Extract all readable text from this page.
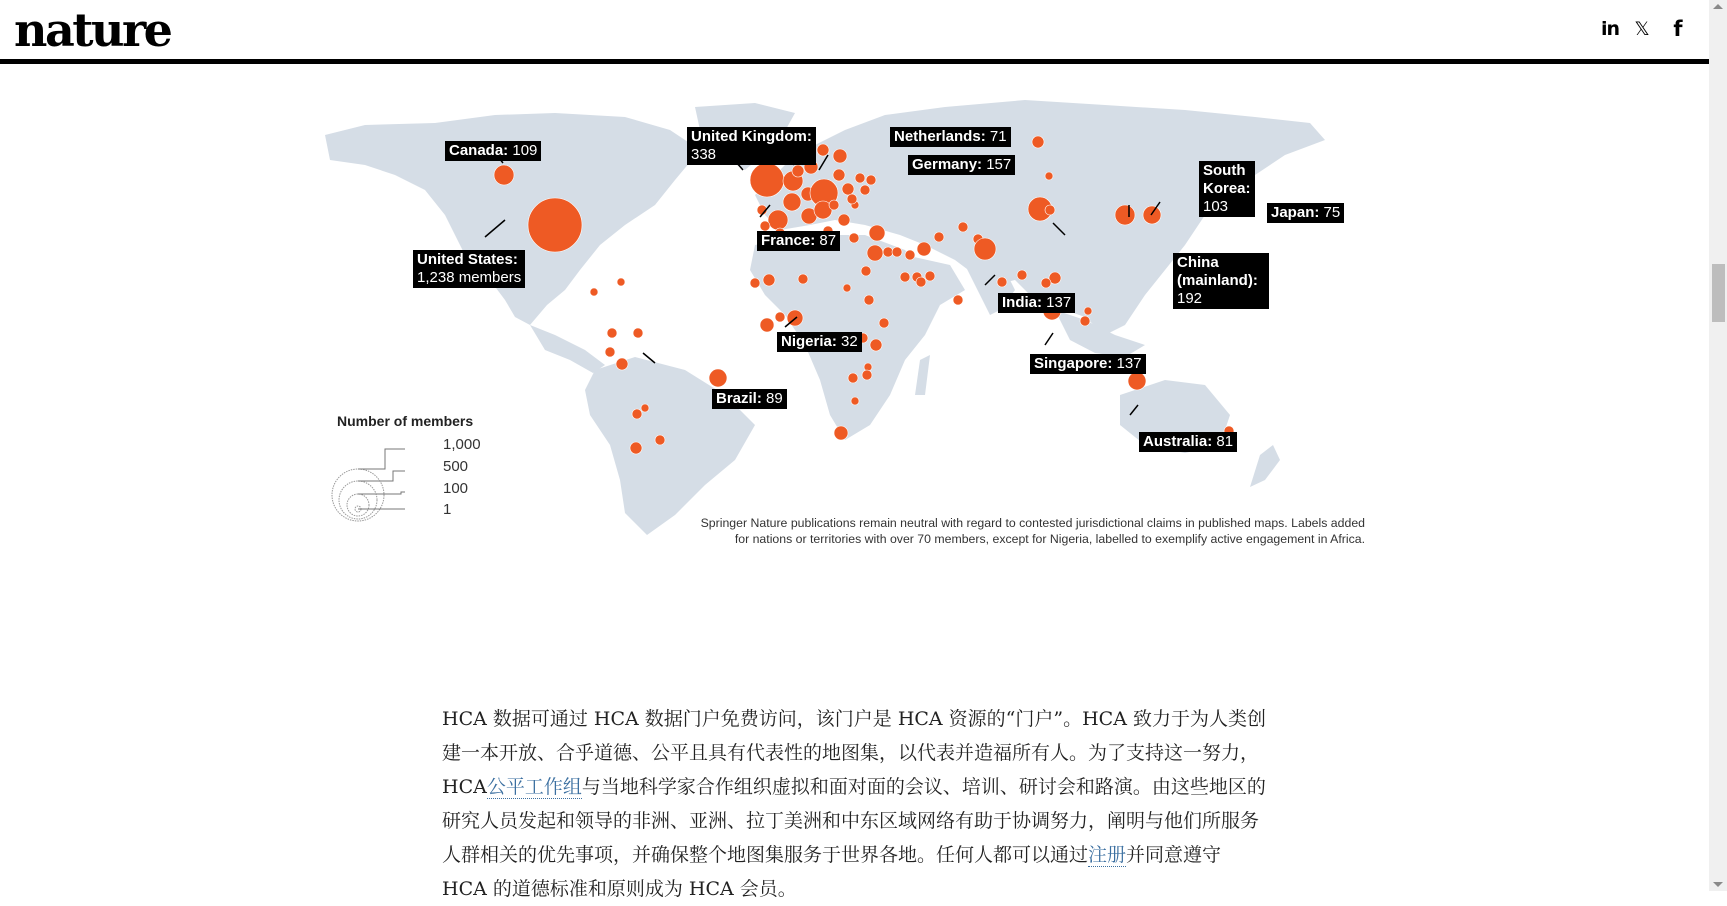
nature	in 𝕏 f
Canada: 109
United States:
1,238 members
United Kingdom:
338
Netherlands: 71
Germany: 157
France: 87
South Korea:
103	Japan: 75
China (mainland):
192
India: 137
Nigeria: 32
Brazil: 89
Singapore: 137
Australia: 81
Number of members
1,000
500
100
1
Springer Nature publications remain neutral with regard to contested jurisdictional claims in published maps. Labels added
for nations or territories with over 70 members, except for Nigeria, labelled to exemplify active engagement in Africa.
HCA 数据可通过 HCA 数据门户免费访问，该门户是 HCA 资源的“门户”。HCA 致力于为人类创建一本开放、合乎道德、公平且具有代表性的地图集，以代表并造福所有人。为了支持这一努力，HCA公平工作组与当地科学家合作组织虚拟和面对面的会议、培训、研讨会和路演。由这些地区的研究人员发起和领导的非洲、亚洲、拉丁美洲和中东区域网络有助于协调努力，阐明与他们所服务人群相关的优先事项，并确保整个地图集服务于世界各地。任何人都可以通过注册并同意遵守 HCA 的道德标准和原则成为 HCA 会员。
